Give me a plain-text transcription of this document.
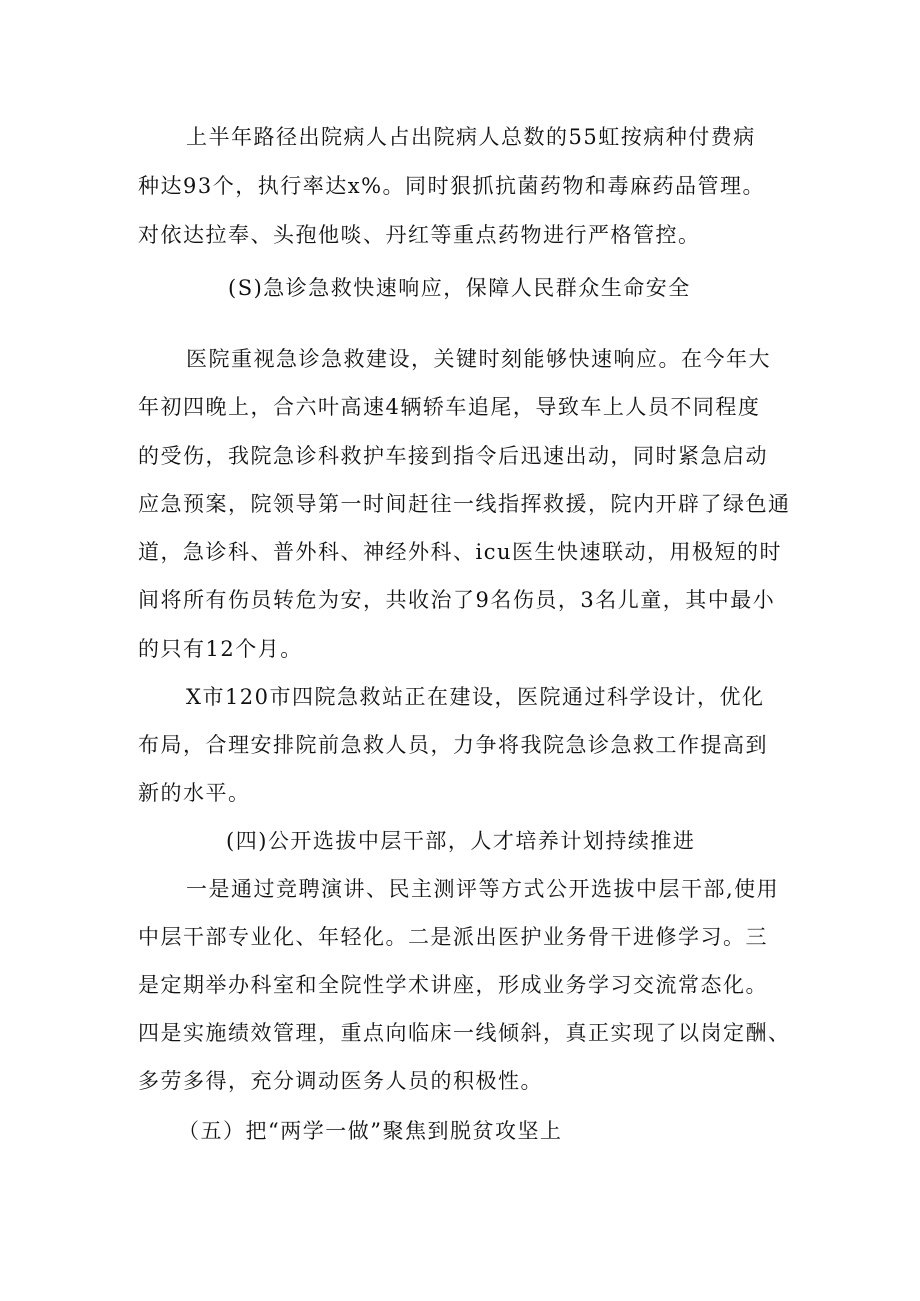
上半年路径出院病人占出院病人总数的55虹按病种付费病
种达93个，执行率达x%。同时狠抓抗菌药物和毒麻药品管理。
对依达拉奉、头孢他啖、丹红等重点药物进行严格管控。
(S)急诊急救快速响应，保障人民群众生命安全
医院重视急诊急救建设，关键时刻能够快速响应。在今年大
年初四晚上，合六叶高速4辆轿车追尾，导致车上人员不同程度
的受伤，我院急诊科救护车接到指令后迅速出动，同时紧急启动
应急预案，院领导第一时间赶往一线指挥救援，院内开辟了绿色通
道，急诊科、普外科、神经外科、icu医生快速联动，用极短的时
间将所有伤员转危为安，共收治了9名伤员，3名儿童，其中最小
的只有12个月。
X市120市四院急救站正在建设，医院通过科学设计，优化
布局，合理安排院前急救人员，力争将我院急诊急救工作提高到
新的水平。
(四)公开选拔中层干部，人才培养计划持续推进
一是通过竞聘演讲、民主测评等方式公开选拔中层干部,使用
中层干部专业化、年轻化。二是派出医护业务骨干进修学习。三
是定期举办科室和全院性学术讲座，形成业务学习交流常态化。
四是实施绩效管理，重点向临床一线倾斜，真正实现了以岗定酬、
多劳多得，充分调动医务人员的积极性。
（五）把“两学一做”聚焦到脱贫攻坚上
